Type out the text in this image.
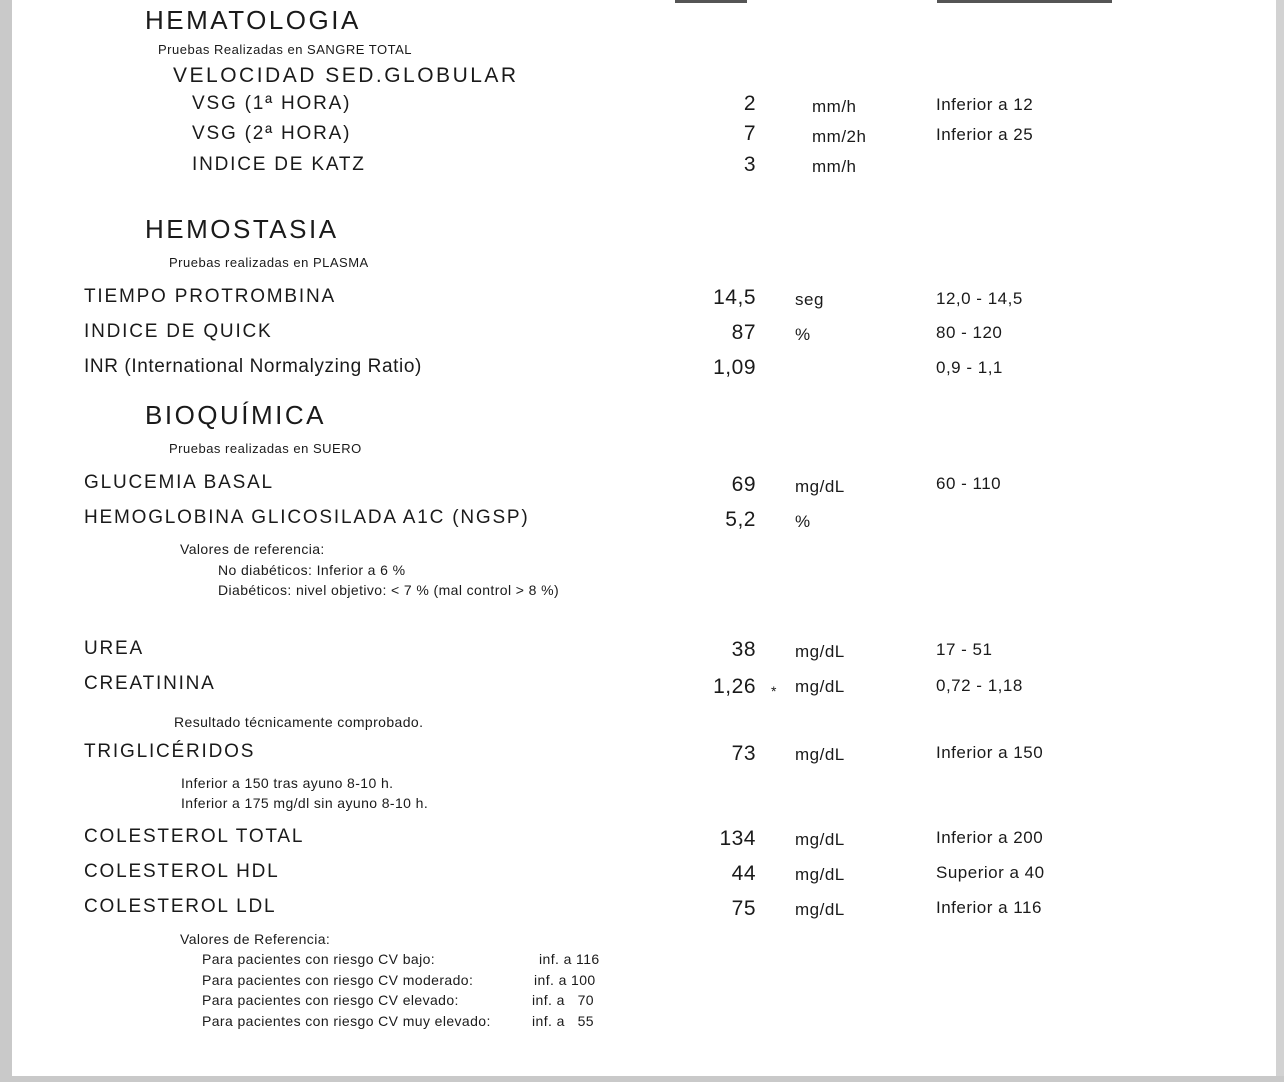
HEMATOLOGIA
Pruebas Realizadas en SANGRE TOTAL
VELOCIDAD SED.GLOBULAR
VSG (1ª HORA)	2	mm/h	Inferior a 12
VSG (2ª HORA)	7	mm/2h	Inferior a 25
INDICE DE KATZ	3	mm/h
HEMOSTASIA
Pruebas realizadas en PLASMA
TIEMPO PROTROMBINA	14,5 seg	12,0 - 14,5
INDICE DE QUICK	87 %	80 - 120
INR (International Normalyzing Ratio)	1,09	0,9 - 1,1
BIOQUÍMICA
Pruebas realizadas en SUERO
GLUCEMIA BASAL	69 mg/dL	60 - 110
HEMOGLOBINA GLICOSILADA A1C (NGSP)	5,2 %
Valores de referencia:
No diabéticos: Inferior a 6 %
Diabéticos: nivel objetivo: < 7 % (mal control > 8 %)
UREA	38 mg/dL	17 - 51
CREATININA	1,26 * mg/dL	0,72 - 1,18
Resultado técnicamente comprobado.
TRIGLICÉRIDOS	73 mg/dL	Inferior a 150
Inferior a 150 tras ayuno 8-10 h.
Inferior a 175 mg/dl sin ayuno 8-10 h.
COLESTEROL TOTAL	134 mg/dL	Inferior a 200
COLESTEROL HDL	44 mg/dL	Superior a 40
COLESTEROL LDL	75 mg/dL	Inferior a 116
Valores de Referencia:
Para pacientes con riesgo CV bajo:	inf. a 116
Para pacientes con riesgo CV moderado:	inf. a 100
Para pacientes con riesgo CV elevado:	inf. a   70
Para pacientes con riesgo CV muy elevado:	inf. a   55
